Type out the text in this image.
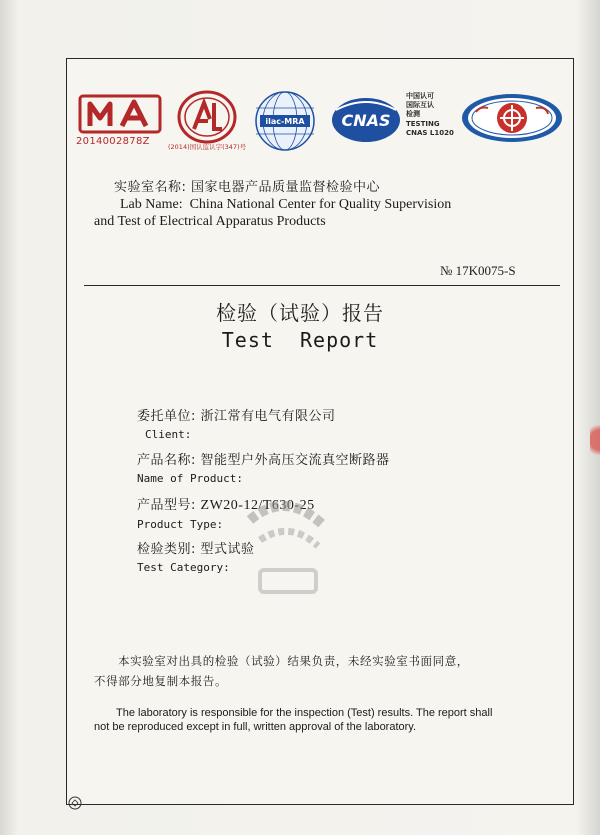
2014002878Z	(2014)国认监认字(347)号
ilac-MRA CNAS
中国认可
国际互认
检测
TESTING
CNAS L1020
实验室名称: 国家电器产品质量监督检验中心
Lab Name: China National Center for Quality Supervision
and Test of Electrical Apparatus Products
№ 17K0075-S
检验（试验）报告
Test  Report
委托单位: 浙江常有电气有限公司
Client:
产品名称: 智能型户外高压交流真空断路器
Name of Product:
产品型号: ZW20-12/T630-25
Product Type:
检验类别: 型式试验
Test Category:
本实验室对出具的检验（试验）结果负责，未经实验室书面同意，
不得部分地复制本报告。
The laboratory is responsible for the inspection (Test) results. The report shall
not be reproduced except in full, written approval of the laboratory.
